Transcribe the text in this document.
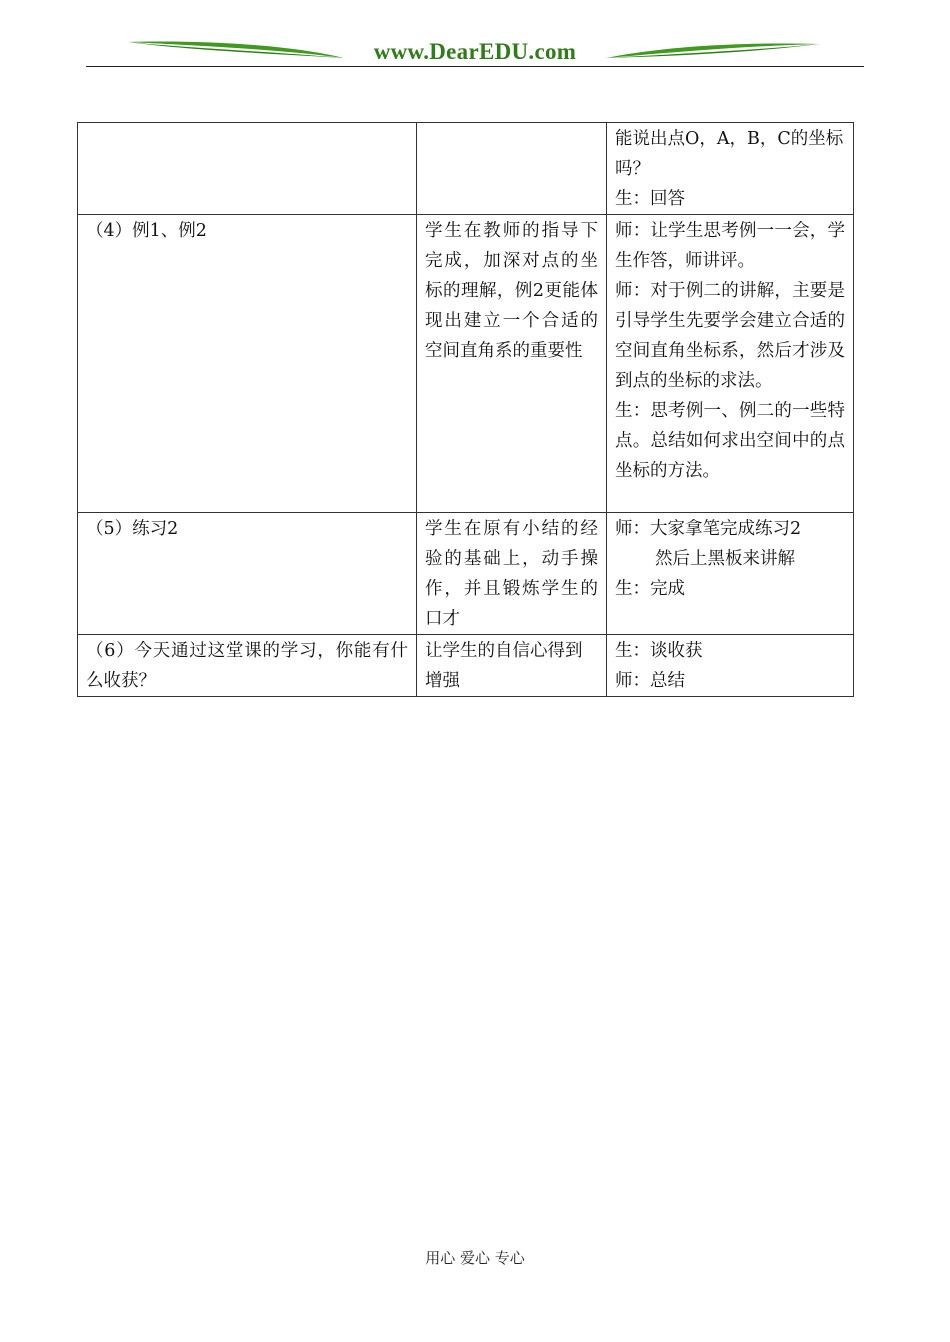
www.DearEDU.com

		能说出点O，A，B，C的坐标吗？
生：回答

（4）例1、例2	学生在教师的指导下完成，加深对点的坐标的理解，例2更能体现出建立一个合适的空间直角系的重要性	师：让学生思考例一一会，学生作答，师讲评。
师：对于例二的讲解，主要是引导学生先要学会建立合适的空间直角坐标系，然后才涉及到点的坐标的求法。
生：思考例一、例二的一些特点。总结如何求出空间中的点坐标的方法。

（5）练习2	学生在原有小结的经验的基础上，动手操作，并且锻炼学生的口才	师：大家拿笔完成练习2
然后上黑板来讲解
生：完成

（6）今天通过这堂课的学习，你能有什么收获？	让学生的自信心得到增强	生：谈收获
师：总结
用心 爱心 专心
